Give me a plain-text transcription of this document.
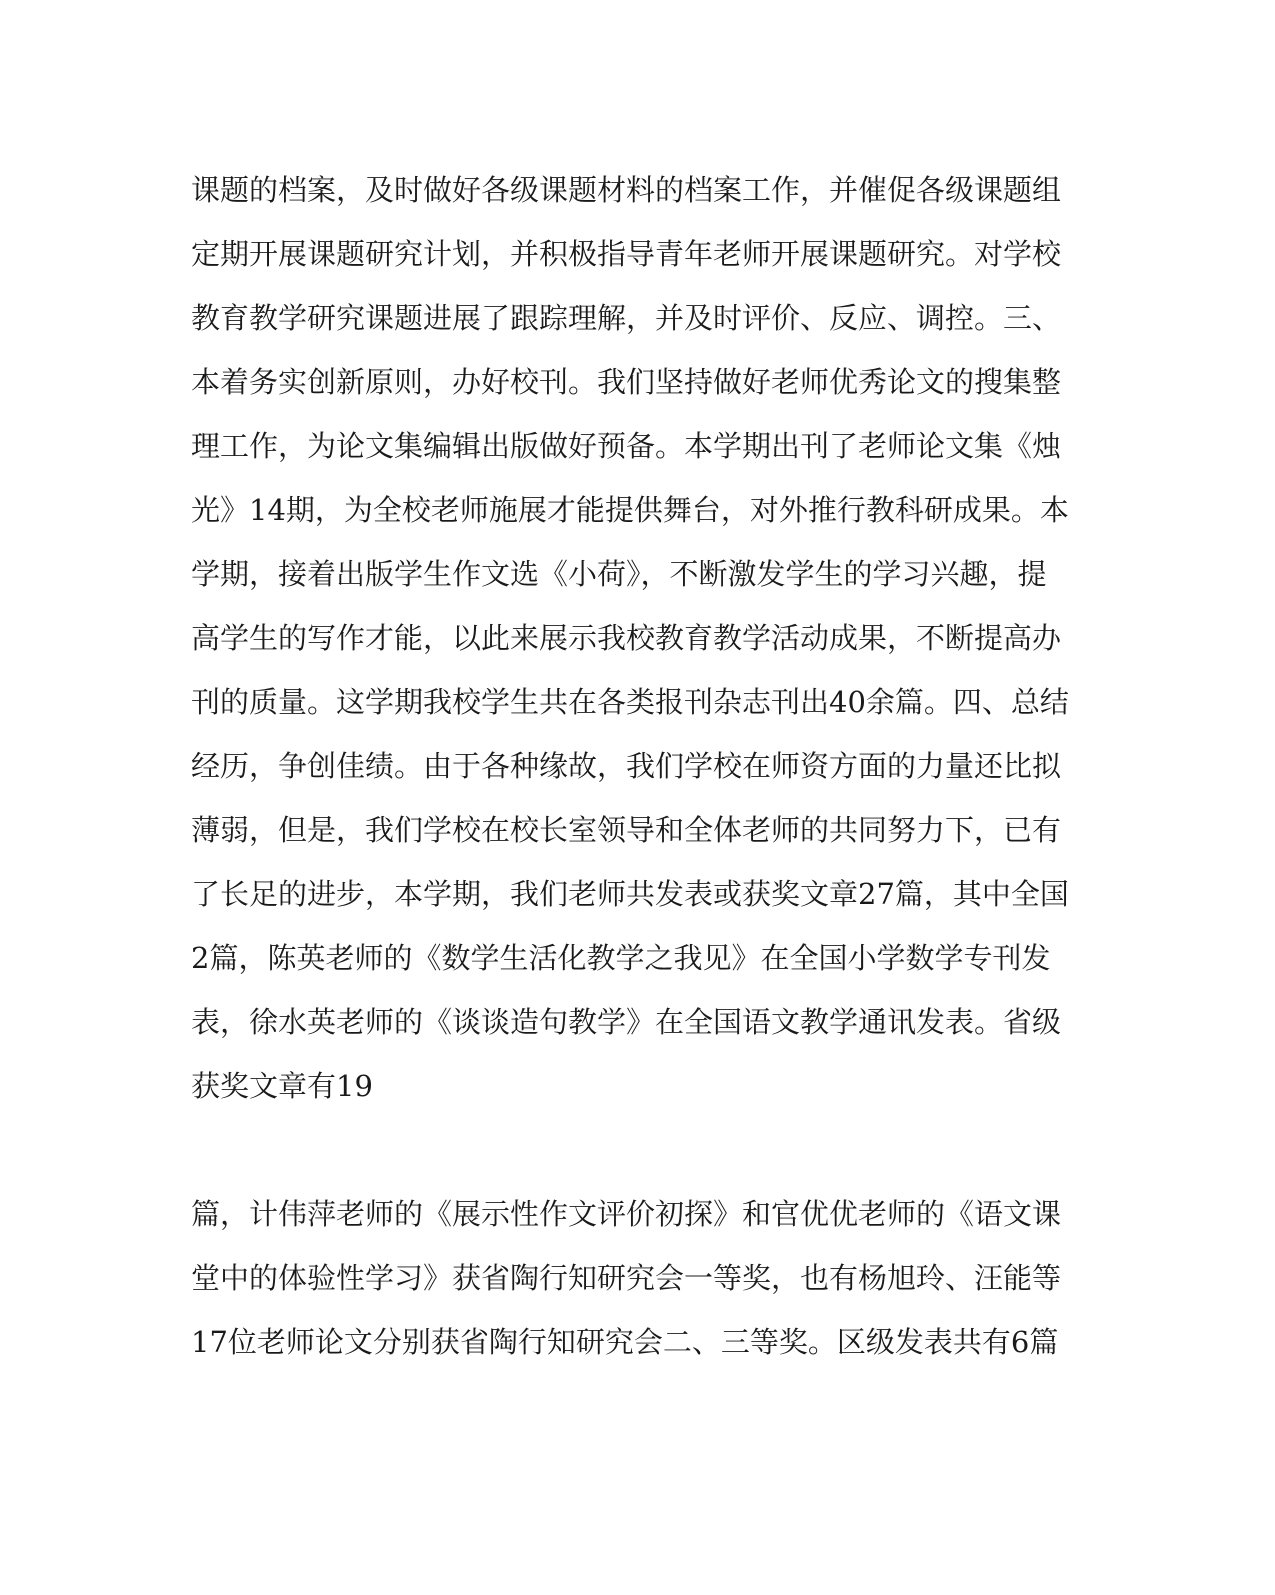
课题的档案，及时做好各级课题材料的档案工作，并催促各级课题组
定期开展课题研究计划，并积极指导青年老师开展课题研究。对学校
教育教学研究课题进展了跟踪理解，并及时评价、反应、调控。三、
本着务实创新原则，办好校刊。我们坚持做好老师优秀论文的搜集整
理工作，为论文集编辑出版做好预备。本学期出刊了老师论文集《烛
光》14期，为全校老师施展才能提供舞台，对外推行教科研成果。本
学期，接着出版学生作文选《小荷》，不断激发学生的学习兴趣，提
高学生的写作才能，以此来展示我校教育教学活动成果，不断提高办
刊的质量。这学期我校学生共在各类报刊杂志刊出40余篇。四、总结
经历，争创佳绩。由于各种缘故，我们学校在师资方面的力量还比拟
薄弱，但是，我们学校在校长室领导和全体老师的共同努力下，已有
了长足的进步，本学期，我们老师共发表或获奖文章27篇，其中全国
2篇，陈英老师的《数学生活化教学之我见》在全国小学数学专刊发
表，徐水英老师的《谈谈造句教学》在全国语文教学通讯发表。省级
获奖文章有19
篇，计伟萍老师的《展示性作文评价初探》和官优优老师的《语文课
堂中的体验性学习》获省陶行知研究会一等奖，也有杨旭玲、汪能等
17位老师论文分别获省陶行知研究会二、三等奖。区级发表共有6篇
